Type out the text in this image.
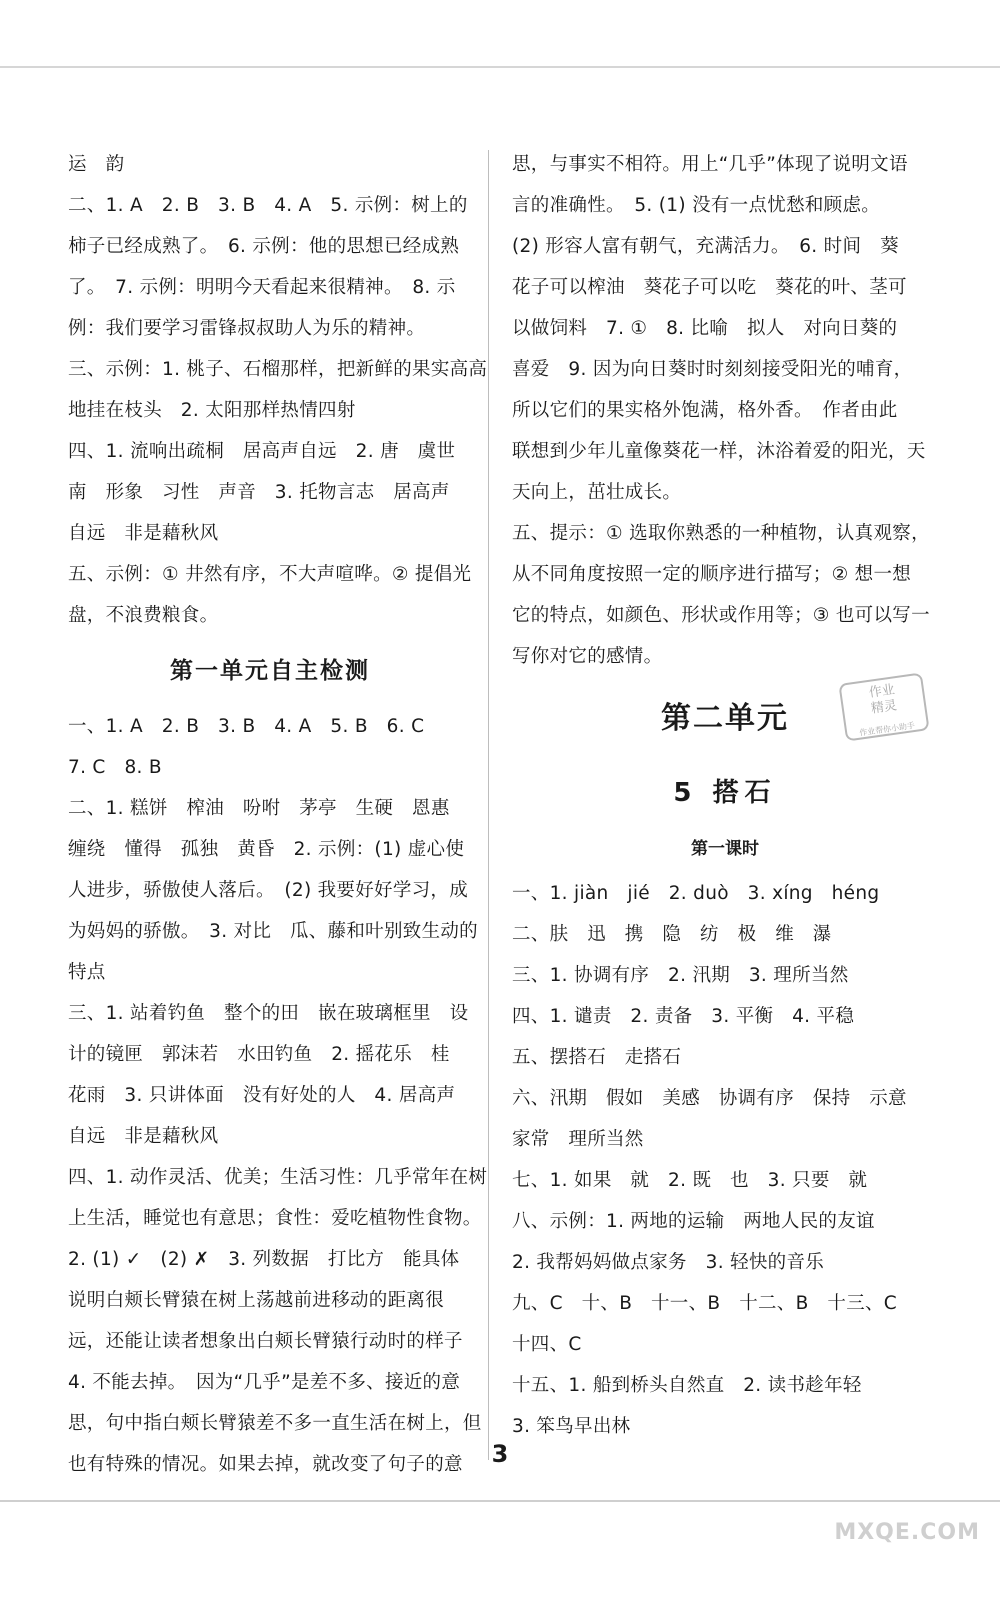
运　韵
二、1. A　2. B　3. B　4. A　5. 示例：树上的
柿子已经成熟了。　6. 示例：他的思想已经成熟
了。　7. 示例：明明今天看起来很精神。　8. 示
例：我们要学习雷锋叔叔助人为乐的精神。
三、示例：1. 桃子、石榴那样，把新鲜的果实高高
地挂在枝头　2. 太阳那样热情四射
四、1. 流响出疏桐　居高声自远　2. 唐　虞世
南　形象　习性　声音　3. 托物言志　居高声
自远　非是藉秋风
五、示例：① 井然有序，不大声喧哗。② 提倡光
盘，不浪费粮食。
第一单元自主检测
一、1. A　2. B　3. B　4. A　5. B　6. C
7. C　8. B
二、1. 糕饼　榨油　吩咐　茅亭　生硬　恩惠
缠绕　懂得　孤独　黄昏　2. 示例：(1) 虚心使
人进步，骄傲使人落后。　(2) 我要好好学习，成
为妈妈的骄傲。　3. 对比　瓜、藤和叶别致生动的
特点
三、1. 站着钓鱼　整个的田　嵌在玻璃框里　设
计的镜匣　郭沫若　水田钓鱼　2. 摇花乐　桂
花雨　3. 只讲体面　没有好处的人　4. 居高声
自远　非是藉秋风
四、1. 动作灵活、优美；生活习性：几乎常年在树
上生活，睡觉也有意思；食性：爱吃植物性食物。
2. (1) ✓　(2) ✗　3. 列数据　打比方　能具体
说明白颊长臂猿在树上荡越前进移动的距离很
远，还能让读者想象出白颊长臂猿行动时的样子
4. 不能去掉。　因为“几乎”是差不多、接近的意
思，句中指白颊长臂猿差不多一直生活在树上，但
也有特殊的情况。如果去掉，就改变了句子的意
思，与事实不相符。用上“几乎”体现了说明文语
言的准确性。　5. (1) 没有一点忧愁和顾虑。
(2) 形容人富有朝气，充满活力。　6. 时间　葵
花子可以榨油　葵花子可以吃　葵花的叶、茎可
以做饲料　7. ①　8. 比喻　拟人　对向日葵的
喜爱　9. 因为向日葵时时刻刻接受阳光的哺育，
所以它们的果实格外饱满，格外香。　作者由此
联想到少年儿童像葵花一样，沐浴着爱的阳光，天
天向上，茁壮成长。
五、提示：① 选取你熟悉的一种植物，认真观察，
从不同角度按照一定的顺序进行描写；② 想一想
它的特点，如颜色、形状或作用等；③ 也可以写一
写你对它的感情。
第二单元
5 搭石
第一课时
一、1. jiàn　jié　2. duò　3. xíng　héng
二、肤　迅　携　隐　纺　极　维　瀑
三、1. 协调有序　2. 汛期　3. 理所当然
四、1. 谴责　2. 责备　3. 平衡　4. 平稳
五、摆搭石　走搭石
六、汛期　假如　美感　协调有序　保持　示意
家常　理所当然
七、1. 如果　就　2. 既　也　3. 只要　就
八、示例：1. 两地的运输　两地人民的友谊
2. 我帮妈妈做点家务　3. 轻快的音乐
九、C　十、B　十一、B　十二、B　十三、C
十四、C
十五、1. 船到桥头自然直　2. 读书趁年轻
3. 笨鸟早出林
作业
精灵
作业帮你小助手
3
MXQE.COM
